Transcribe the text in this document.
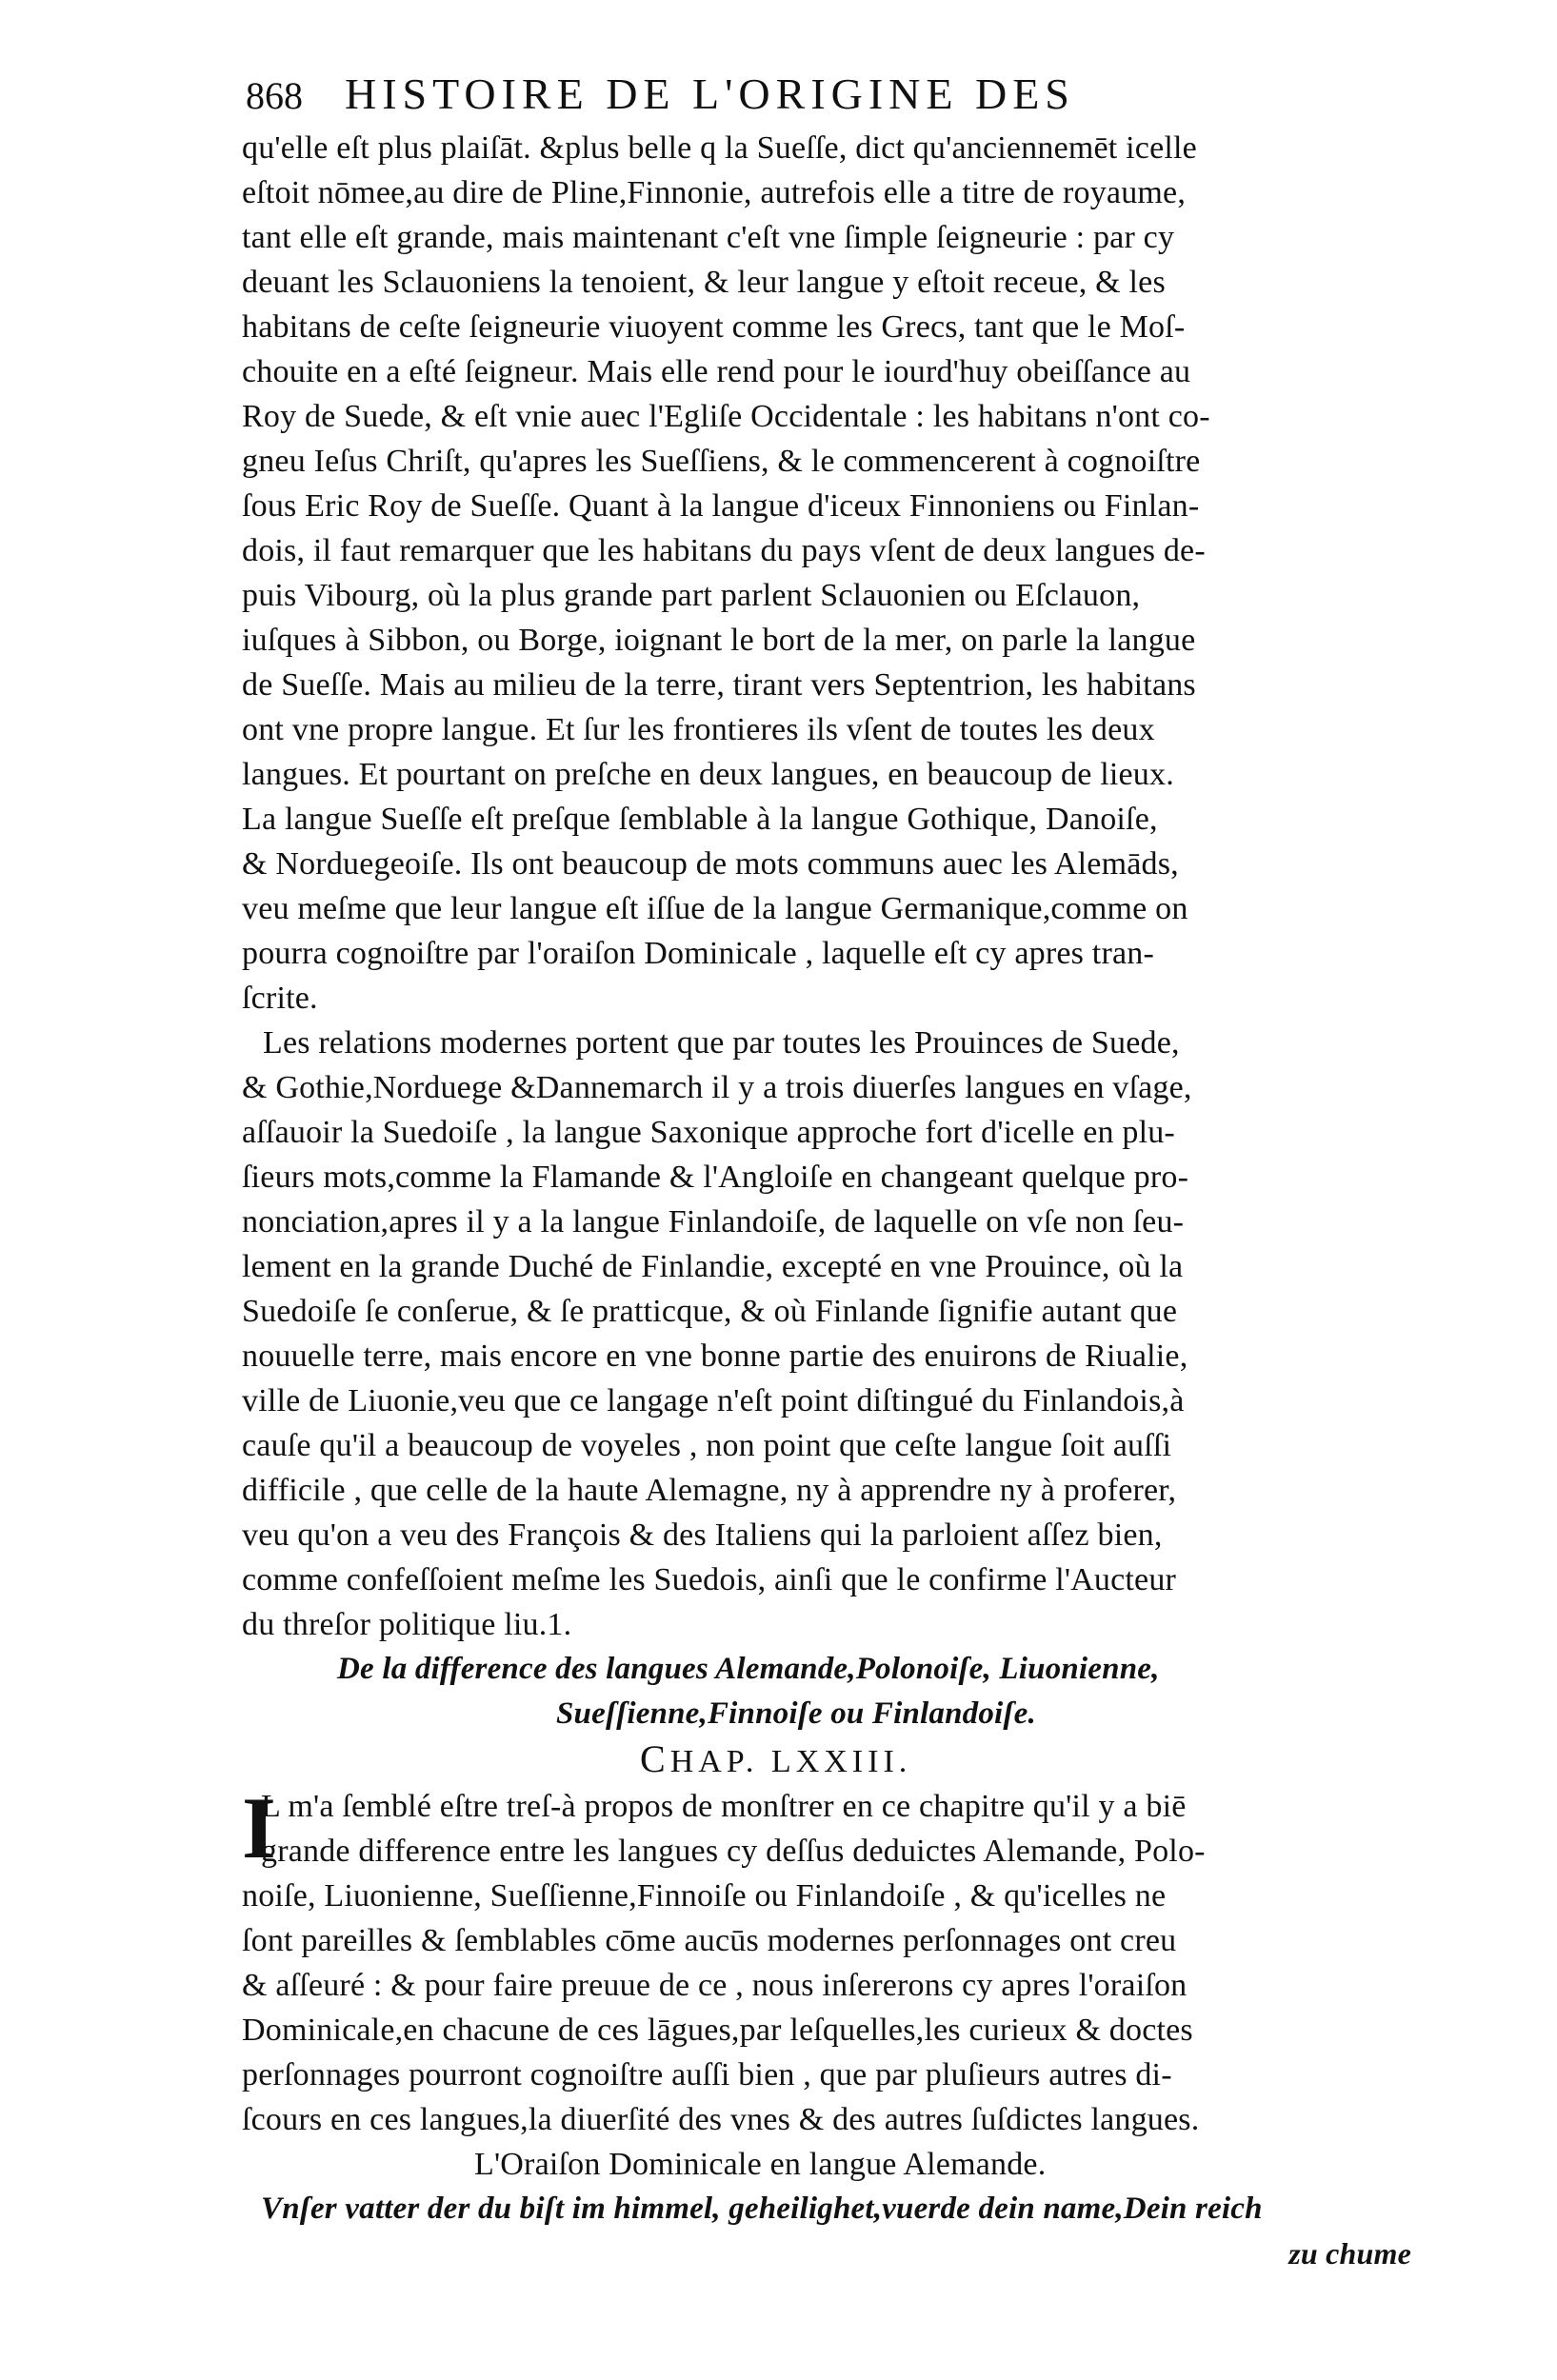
868 HISTOIRE DE L'ORIGINE DES
qu'elle eſt plus plaiſāt. &plus belle q la Sueſſe, dict qu'anciennemēt icelle
eſtoit nōmee,au dire de Pline,Finnonie, autrefois elle a titre de royaume,
tant elle eſt grande, mais maintenant c'eſt vne ſimple ſeigneurie : par cy
deuant les Sclauoniens la tenoient, & leur langue y eſtoit receue, & les
habitans de ceſte ſeigneurie viuoyent comme les Grecs, tant que le Moſ-
chouite en a eſté ſeigneur. Mais elle rend pour le iourd'huy obeiſſance au
Roy de Suede, & eſt vnie auec l'Egliſe Occidentale : les habitans n'ont co-
gneu Ieſus Chriſt, qu'apres les Sueſſiens, & le commencerent à cognoiſtre
ſous Eric Roy de Sueſſe. Quant à la langue d'iceux Finnoniens ou Finlan-
dois, il faut remarquer que les habitans du pays vſent de deux langues de-
puis Vibourg, où la plus grande part parlent Sclauonien ou Eſclauon,
iuſques à Sibbon, ou Borge, ioignant le bort de la mer, on parle la langue
de Sueſſe. Mais au milieu de la terre, tirant vers Septentrion, les habitans
ont vne propre langue. Et ſur les frontieres ils vſent de toutes les deux
langues. Et pourtant on preſche en deux langues, en beaucoup de lieux.
La langue Sueſſe eſt preſque ſemblable à la langue Gothique, Danoiſe,
& Norduegeoiſe. Ils ont beaucoup de mots communs auec les Alemāds,
veu meſme que leur langue eſt iſſue de la langue Germanique,comme on
pourra cognoiſtre par l'oraiſon Dominicale , laquelle eſt cy apres tran-
ſcrite.
Les relations modernes portent que par toutes les Prouinces de Suede,
& Gothie,Norduege &Dannemarch il y a trois diuerſes langues en vſage,
aſſauoir la Suedoiſe , la langue Saxonique approche fort d'icelle en plu-
ſieurs mots,comme la Flamande & l'Angloiſe en changeant quelque pro-
nonciation,apres il y a la langue Finlandoiſe, de laquelle on vſe non ſeu-
lement en la grande Duché de Finlandie, excepté en vne Prouince, où la
Suedoiſe ſe conſerue, & ſe pratticque, & où Finlande ſignifie autant que
nouuelle terre, mais encore en vne bonne partie des enuirons de Riualie,
ville de Liuonie,veu que ce langage n'eſt point diſtingué du Finlandois,à
cauſe qu'il a beaucoup de voyeles , non point que ceſte langue ſoit auſſi
difficile , que celle de la haute Alemagne, ny à apprendre ny à proferer,
veu qu'on a veu des François & des Italiens qui la parloient aſſez bien,
comme confeſſoient meſme les Suedois, ainſi que le confirme l'Aucteur
du threſor politique liu.1.
De la difference des langues Alemande,Polonoiſe, Liuonienne,
Sueſſienne,Finnoiſe ou Finlandoiſe.
CHAP. LXXIII.
I
L m'a ſemblé eſtre treſ-à propos de monſtrer en ce chapitre qu'il y a biē
grande difference entre les langues cy deſſus deduictes Alemande, Polo-
noiſe, Liuonienne, Sueſſienne,Finnoiſe ou Finlandoiſe , & qu'icelles ne
ſont pareilles & ſemblables cōme aucūs modernes perſonnages ont creu
& aſſeuré : & pour faire preuue de ce , nous inſererons cy apres l'oraiſon
Dominicale,en chacune de ces lāgues,par leſquelles,les curieux & doctes
perſonnages pourront cognoiſtre auſſi bien , que par pluſieurs autres di-
ſcours en ces langues,la diuerſité des vnes & des autres ſuſdictes langues.
L'Oraiſon Dominicale en langue Alemande.
Vnſer vatter der du biſt im himmel, geheilighet,vuerde dein name,Dein reich
zu chume
